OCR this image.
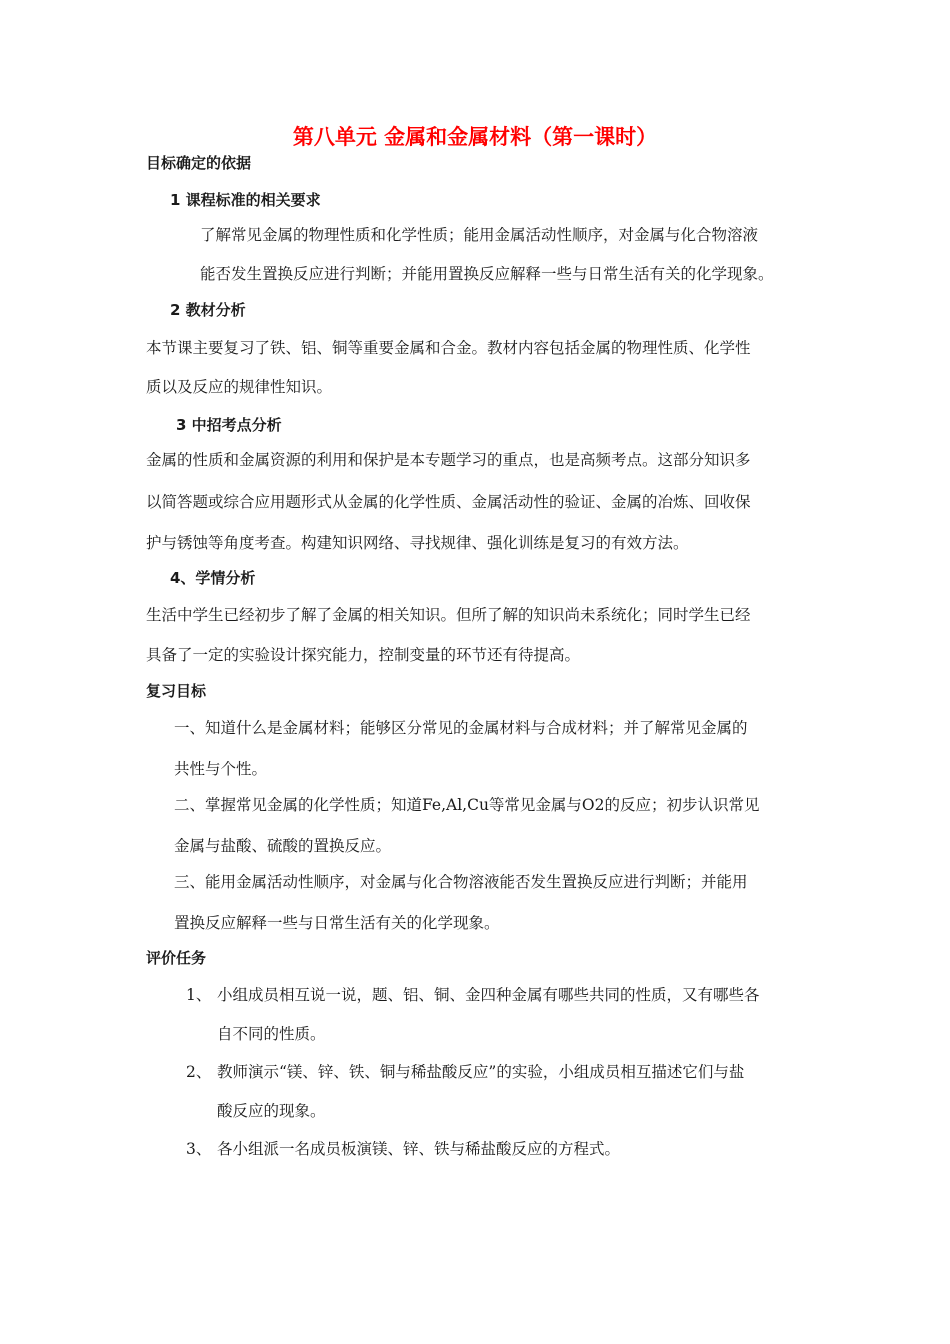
第八单元 金属和金属材料（第一课时）
目标确定的依据
1 课程标准的相关要求
了解常见金属的物理性质和化学性质；能用金属活动性顺序，对金属与化合物溶液
能否发生置换反应进行判断；并能用置换反应解释一些与日常生活有关的化学现象。
2 教材分析
本节课主要复习了铁、铝、铜等重要金属和合金。教材内容包括金属的物理性质、化学性
质以及反应的规律性知识。
3 中招考点分析
金属的性质和金属资源的利用和保护是本专题学习的重点，也是高频考点。这部分知识多
以简答题或综合应用题形式从金属的化学性质、金属活动性的验证、金属的冶炼、回收保
护与锈蚀等角度考查。构建知识网络、寻找规律、强化训练是复习的有效方法。
4、学情分析
生活中学生已经初步了解了金属的相关知识。但所了解的知识尚未系统化；同时学生已经
具备了一定的实验设计探究能力，控制变量的环节还有待提高。
复习目标
一、知道什么是金属材料；能够区分常见的金属材料与合成材料；并了解常见金属的
共性与个性。
二、掌握常见金属的化学性质；知道Fe,Al,Cu等常见金属与O2的反应；初步认识常见
金属与盐酸、硫酸的置换反应。
三、能用金属活动性顺序，对金属与化合物溶液能否发生置换反应进行判断；并能用
置换反应解释一些与日常生活有关的化学现象。
评价任务
1、 小组成员相互说一说，题、铝、铜、金四种金属有哪些共同的性质，又有哪些各
自不同的性质。
2、 教师演示“镁、锌、铁、铜与稀盐酸反应”的实验，小组成员相互描述它们与盐
酸反应的现象。
3、 各小组派一名成员板演镁、锌、铁与稀盐酸反应的方程式。
